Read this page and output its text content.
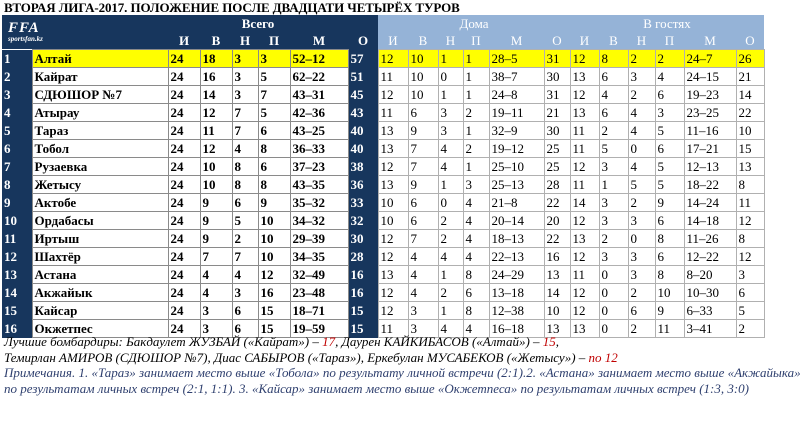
ВТОРАЯ ЛИГА-2017. ПОЛОЖЕНИЕ ПОСЛЕ ДВАДЦАТИ ЧЕТЫРЁХ ТУРОВ
FFA
sportsfan.kz		Всего						Дома						В гостях					
		И	В	Н	П	М	О	И	В	Н	П	М	О	И	В	Н	П	М	О
1	Алтай	24	18	3	3	52–12	57	12	10	1	1	28–5	31	12	8	2	2	24–7	26
2	Кайрат	24	16	3	5	62–22	51	11	10	0	1	38–7	30	13	6	3	4	24–15	21
3	СДЮШОР №7	24	14	3	7	43–31	45	12	10	1	1	24–8	31	12	4	2	6	19–23	14
4	Атырау	24	12	7	5	42–36	43	11	6	3	2	19–11	21	13	6	4	3	23–25	22
5	Тараз	24	11	7	6	43–25	40	13	9	3	1	32–9	30	11	2	4	5	11–16	10
6	Тобол	24	12	4	8	36–33	40	13	7	4	2	19–12	25	11	5	0	6	17–21	15
7	Рузаевка	24	10	8	6	37–23	38	12	7	4	1	25–10	25	12	3	4	5	12–13	13
8	Жетысу	24	10	8	8	43–35	36	13	9	1	3	25–13	28	11	1	5	5	18–22	8
9	Актобе	24	9	6	9	35–32	33	10	6	0	4	21–8	22	14	3	2	9	14–24	11
10	Ордабасы	24	9	5	10	34–32	32	10	6	2	4	20–14	20	12	3	3	6	14–18	12
11	Иртыш	24	9	2	10	29–39	30	12	7	2	4	18–13	22	13	2	0	8	11–26	8
12	Шахтёр	24	7	7	10	34–35	28	12	4	4	4	22–13	16	12	3	3	6	12–22	12
13	Астана	24	4	4	12	32–49	16	13	4	1	8	24–29	13	11	0	3	8	8–20	3
14	Акжайык	24	4	3	16	23–48	16	12	4	2	6	13–18	14	12	0	2	10	10–30	6
15	Кайсар	24	3	6	15	18–71	15	12	3	1	8	12–38	10	12	0	6	9	6–33	5
16	Окжетпес	24	3	6	15	19–59	15	11	3	4	4	16–18	13	13	0	2	11	3–41	2

Лучшие бомбардиры: Бакдаулет ЖУЗБАЙ («Кайрат») – 17, Даурен КАЙКИБАСОВ («Алтай») – 15,

Темирлан АМИРОВ (СДЮШОР №7), Диас САБЫРОВ («Тараз»), Еркебулан МУСАБЕКОВ («Жетысу») – по 12

Примечания. 1. «Тараз» занимает место выше «Тобола» по результату личной встречи (2:1).2. «Астана» занимает место выше «Акжайыка» по результатам личных встреч (2:1, 1:1). 3. «Кайсар» занимает место выше «Окжетпеса» по результатам личных встреч (1:3, 3:0)
